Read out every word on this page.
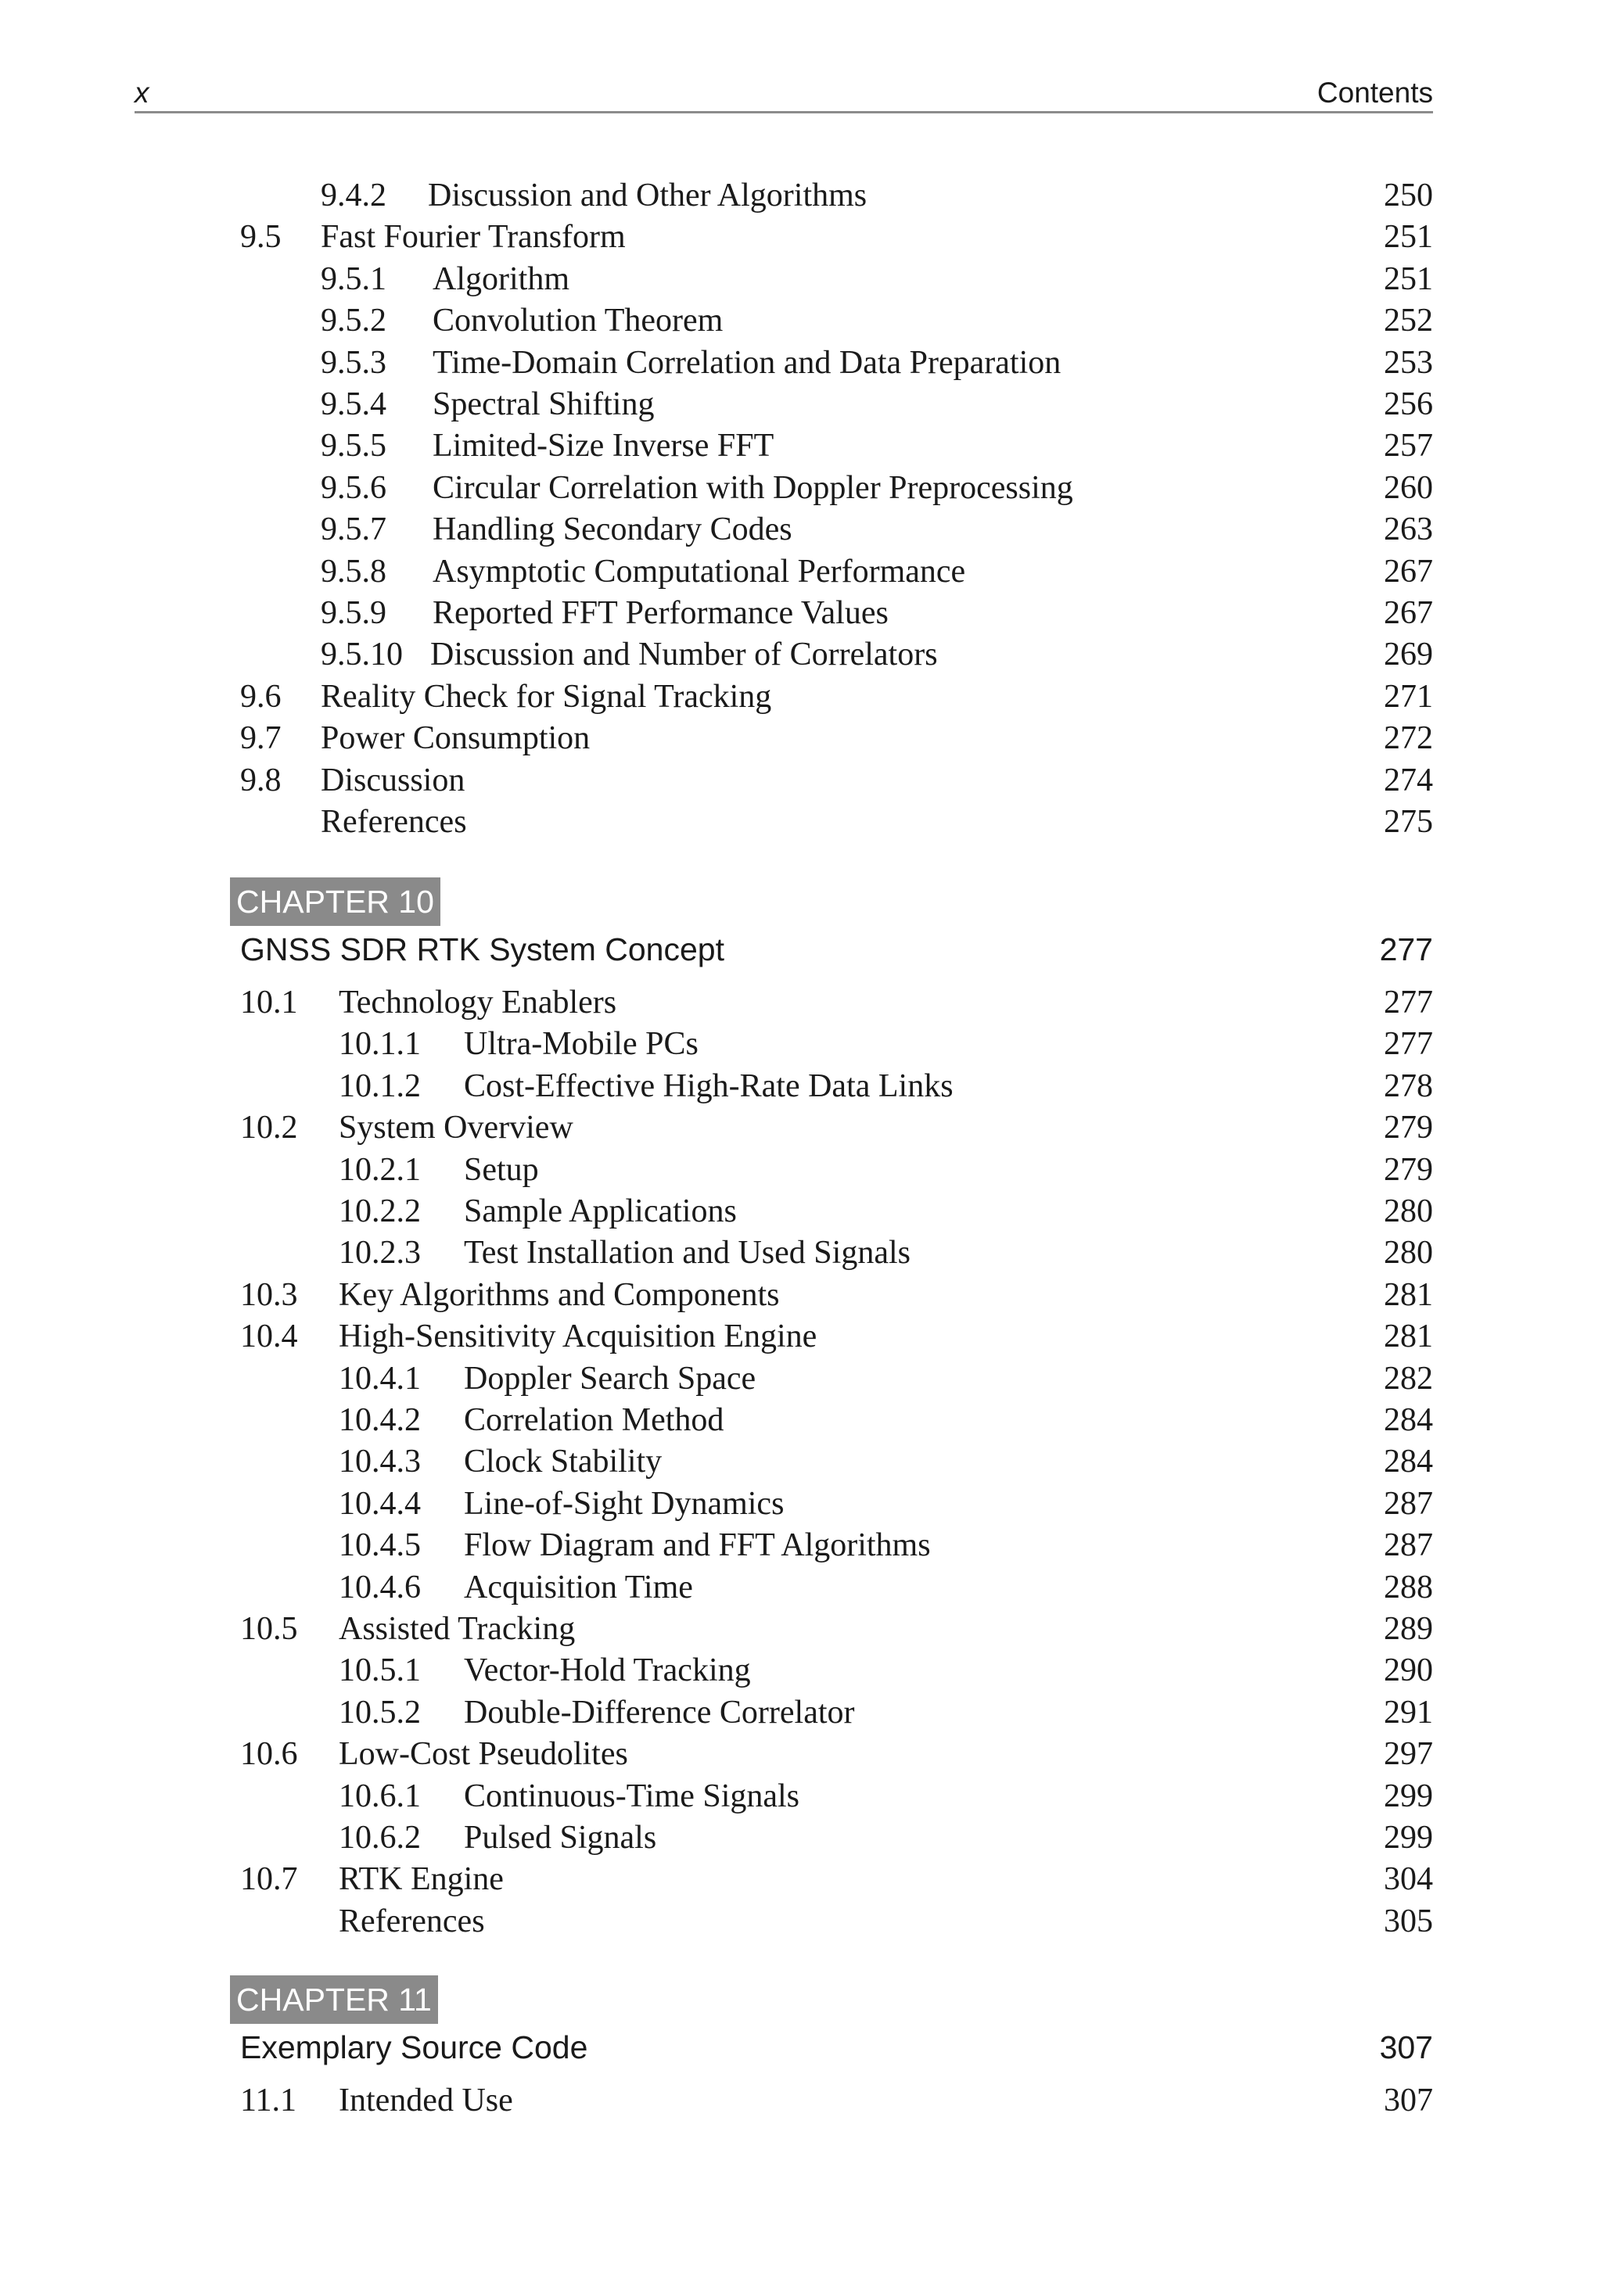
x	Contents
9.4.2 Discussion and Other Algorithms	250
9.5 Fast Fourier Transform	251
9.5.1 Algorithm	251
9.5.2 Convolution Theorem	252
9.5.3 Time-Domain Correlation and Data Preparation	253
9.5.4 Spectral Shifting	256
9.5.5 Limited-Size Inverse FFT	257
9.5.6 Circular Correlation with Doppler Preprocessing	260
9.5.7 Handling Secondary Codes	263
9.5.8 Asymptotic Computational Performance	267
9.5.9 Reported FFT Performance Values	267
9.5.10 Discussion and Number of Correlators	269
9.6 Reality Check for Signal Tracking	271
9.7 Power Consumption	272
9.8 Discussion	274
References	275
CHAPTER 10
GNSS SDR RTK System Concept	277
10.1 Technology Enablers	277
10.1.1 Ultra-Mobile PCs	277
10.1.2 Cost-Effective High-Rate Data Links	278
10.2 System Overview	279
10.2.1 Setup	279
10.2.2 Sample Applications	280
10.2.3 Test Installation and Used Signals	280
10.3 Key Algorithms and Components	281
10.4 High-Sensitivity Acquisition Engine	281
10.4.1 Doppler Search Space	282
10.4.2 Correlation Method	284
10.4.3 Clock Stability	284
10.4.4 Line-of-Sight Dynamics	287
10.4.5 Flow Diagram and FFT Algorithms	287
10.4.6 Acquisition Time	288
10.5 Assisted Tracking	289
10.5.1 Vector-Hold Tracking	290
10.5.2 Double-Difference Correlator	291
10.6 Low-Cost Pseudolites	297
10.6.1 Continuous-Time Signals	299
10.6.2 Pulsed Signals	299
10.7 RTK Engine	304
References	305
CHAPTER 11
Exemplary Source Code	307
11.1 Intended Use	307
